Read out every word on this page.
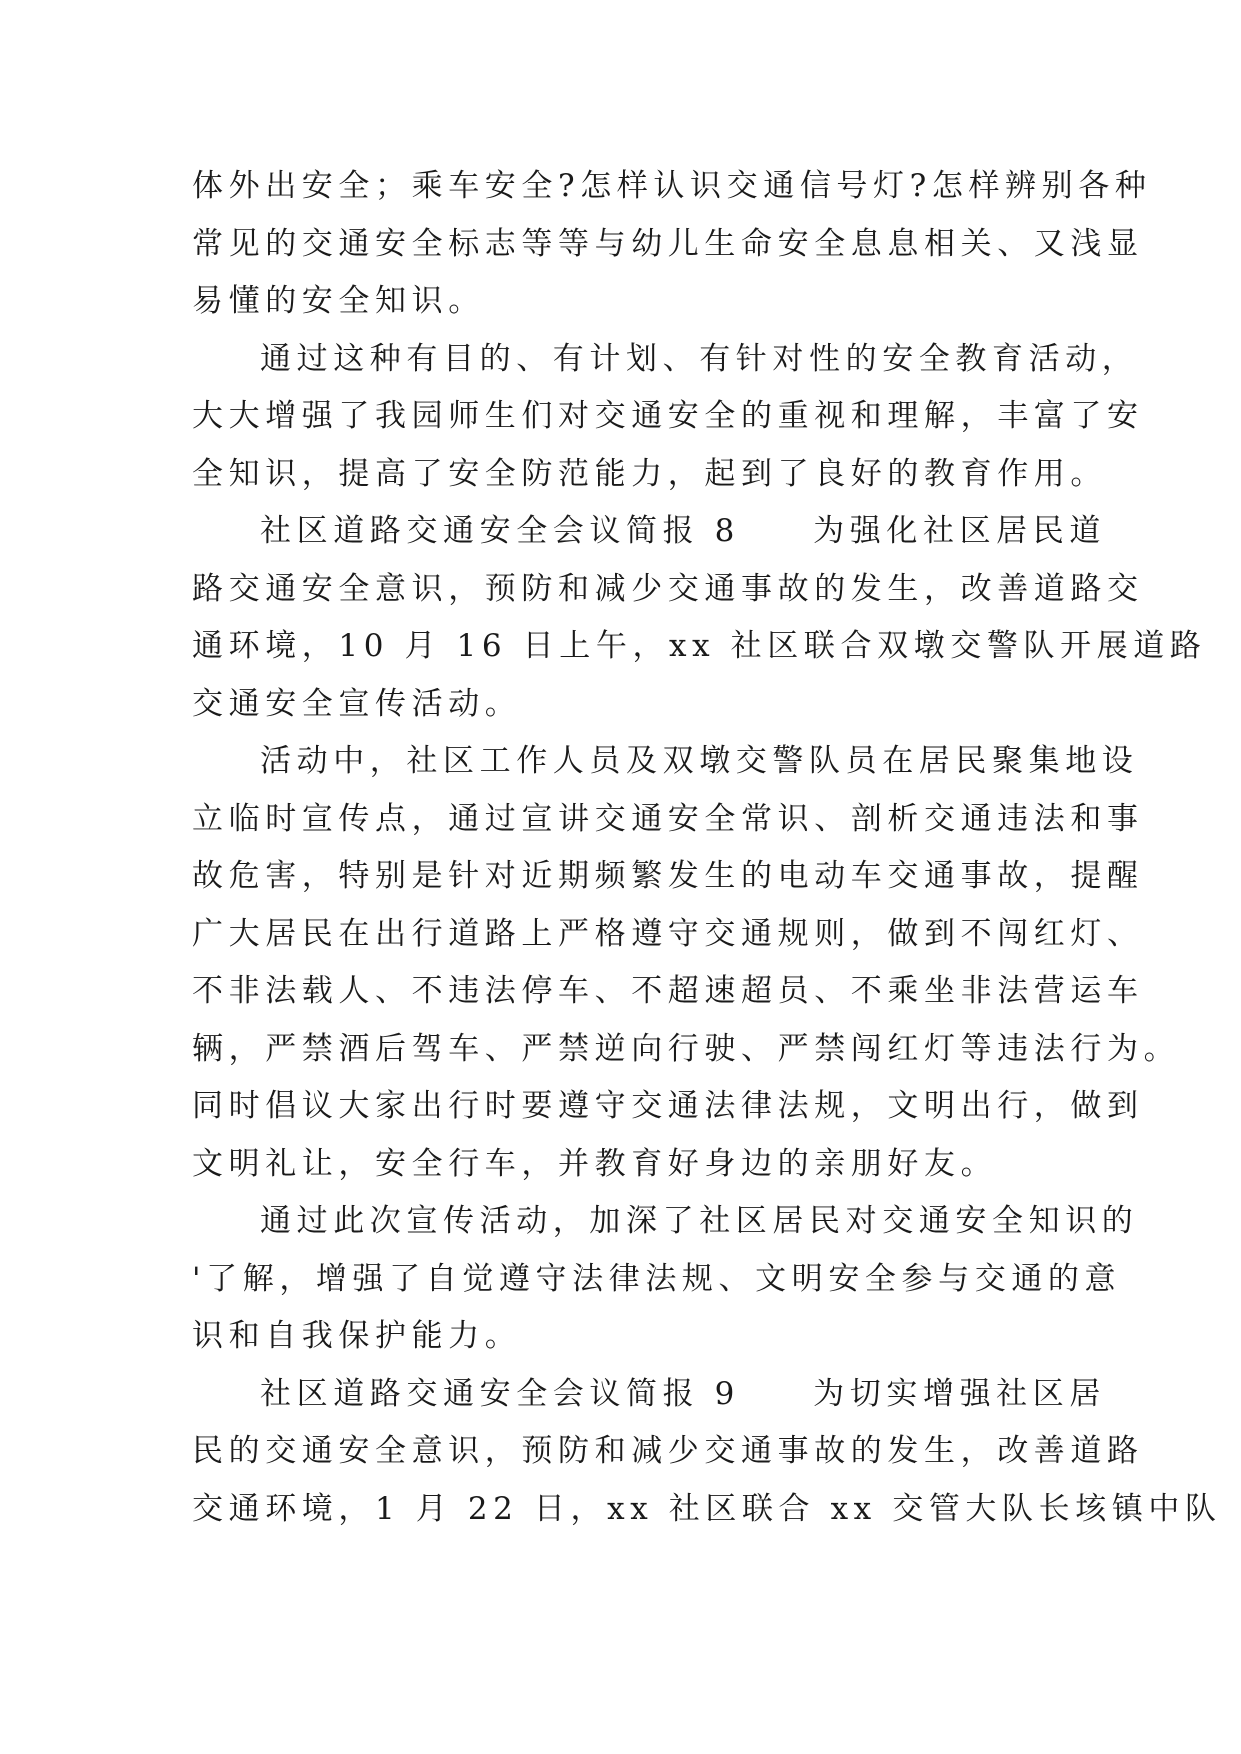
体外出安全；乘车安全?怎样认识交通信号灯?怎样辨别各种
常见的交通安全标志等等与幼儿生命安全息息相关、又浅显
易懂的安全知识。
通过这种有目的、有计划、有针对性的安全教育活动，
大大增强了我园师生们对交通安全的重视和理解，丰富了安
全知识，提高了安全防范能力，起到了良好的教育作用。
社区道路交通安全会议简报 8　　为强化社区居民道
路交通安全意识，预防和减少交通事故的发生，改善道路交
通环境，10 月 16 日上午，xx 社区联合双墩交警队开展道路
交通安全宣传活动。
活动中，社区工作人员及双墩交警队员在居民聚集地设
立临时宣传点，通过宣讲交通安全常识、剖析交通违法和事
故危害，特别是针对近期频繁发生的电动车交通事故，提醒
广大居民在出行道路上严格遵守交通规则，做到不闯红灯、
不非法载人、不违法停车、不超速超员、不乘坐非法营运车
辆，严禁酒后驾车、严禁逆向行驶、严禁闯红灯等违法行为。
同时倡议大家出行时要遵守交通法律法规，文明出行，做到
文明礼让，安全行车，并教育好身边的亲朋好友。
通过此次宣传活动，加深了社区居民对交通安全知识的
'了解，增强了自觉遵守法律法规、文明安全参与交通的意
识和自我保护能力。
社区道路交通安全会议简报 9　　为切实增强社区居
民的交通安全意识，预防和减少交通事故的发生，改善道路
交通环境，1 月 22 日，xx 社区联合 xx 交管大队长垓镇中队
